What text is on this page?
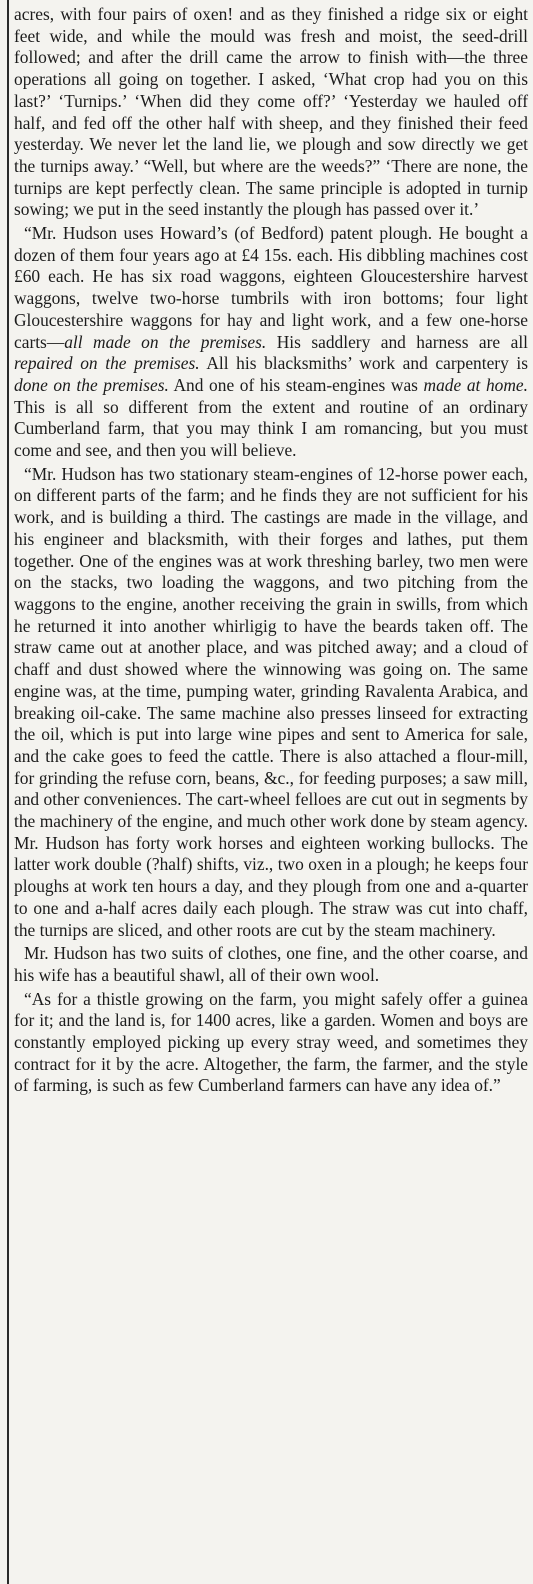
acres, with four pairs of oxen! and as they finished a ridge six or eight feet wide, and while the mould was fresh and moist, the seed-drill followed; and after the drill came the arrow to finish with—the three operations all going on together. I asked, ‘What crop had you on this last?’ ‘Turnips.’ ‘When did they come off?’ ‘Yesterday we hauled off half, and fed off the other half with sheep, and they finished their feed yesterday. We never let the land lie, we plough and sow directly we get the turnips away.’ “Well, but where are the weeds?” ‘There are none, the turnips are kept perfectly clean. The same principle is adopted in turnip sowing; we put in the seed instantly the plough has passed over it.’

“Mr. Hudson uses Howard’s (of Bedford) patent plough. He bought a dozen of them four years ago at £4 15s. each. His dibbling machines cost £60 each. He has six road waggons, eighteen Gloucestershire harvest waggons, twelve two-horse tumbrils with iron bottoms; four light Gloucestershire waggons for hay and light work, and a few one-horse carts—all made on the premises. His saddlery and harness are all repaired on the premises. All his blacksmiths’ work and carpentery is done on the premises. And one of his steam-engines was made at home. This is all so different from the extent and routine of an ordinary Cumberland farm, that you may think I am romancing, but you must come and see, and then you will believe.

“Mr. Hudson has two stationary steam-engines of 12-horse power each, on different parts of the farm; and he finds they are not sufficient for his work, and is building a third. The castings are made in the village, and his engineer and blacksmith, with their forges and lathes, put them together. One of the engines was at work threshing barley, two men were on the stacks, two loading the waggons, and two pitching from the waggons to the engine, another receiving the grain in swills, from which he returned it into another whirligig to have the beards taken off. The straw came out at another place, and was pitched away; and a cloud of chaff and dust showed where the winnowing was going on. The same engine was, at the time, pumping water, grinding Ravalenta Arabica, and breaking oil-cake. The same machine also presses linseed for extracting the oil, which is put into large wine pipes and sent to America for sale, and the cake goes to feed the cattle. There is also attached a flour-mill, for grinding the refuse corn, beans, &c., for feeding purposes; a saw mill, and other conveniences. The cart-wheel felloes are cut out in segments by the machinery of the engine, and much other work done by steam agency. Mr. Hudson has forty work horses and eighteen working bullocks. The latter work double (?half) shifts, viz., two oxen in a plough; he keeps four ploughs at work ten hours a day, and they plough from one and a-quarter to one and a-half acres daily each plough. The straw was cut into chaff, the turnips are sliced, and other roots are cut by the steam machinery.

Mr. Hudson has two suits of clothes, one fine, and the other coarse, and his wife has a beautiful shawl, all of their own wool.

“As for a thistle growing on the farm, you might safely offer a guinea for it; and the land is, for 1400 acres, like a garden. Women and boys are constantly employed picking up every stray weed, and sometimes they contract for it by the acre. Altogether, the farm, the farmer, and the style of farming, is such as few Cumberland farmers can have any idea of.”
